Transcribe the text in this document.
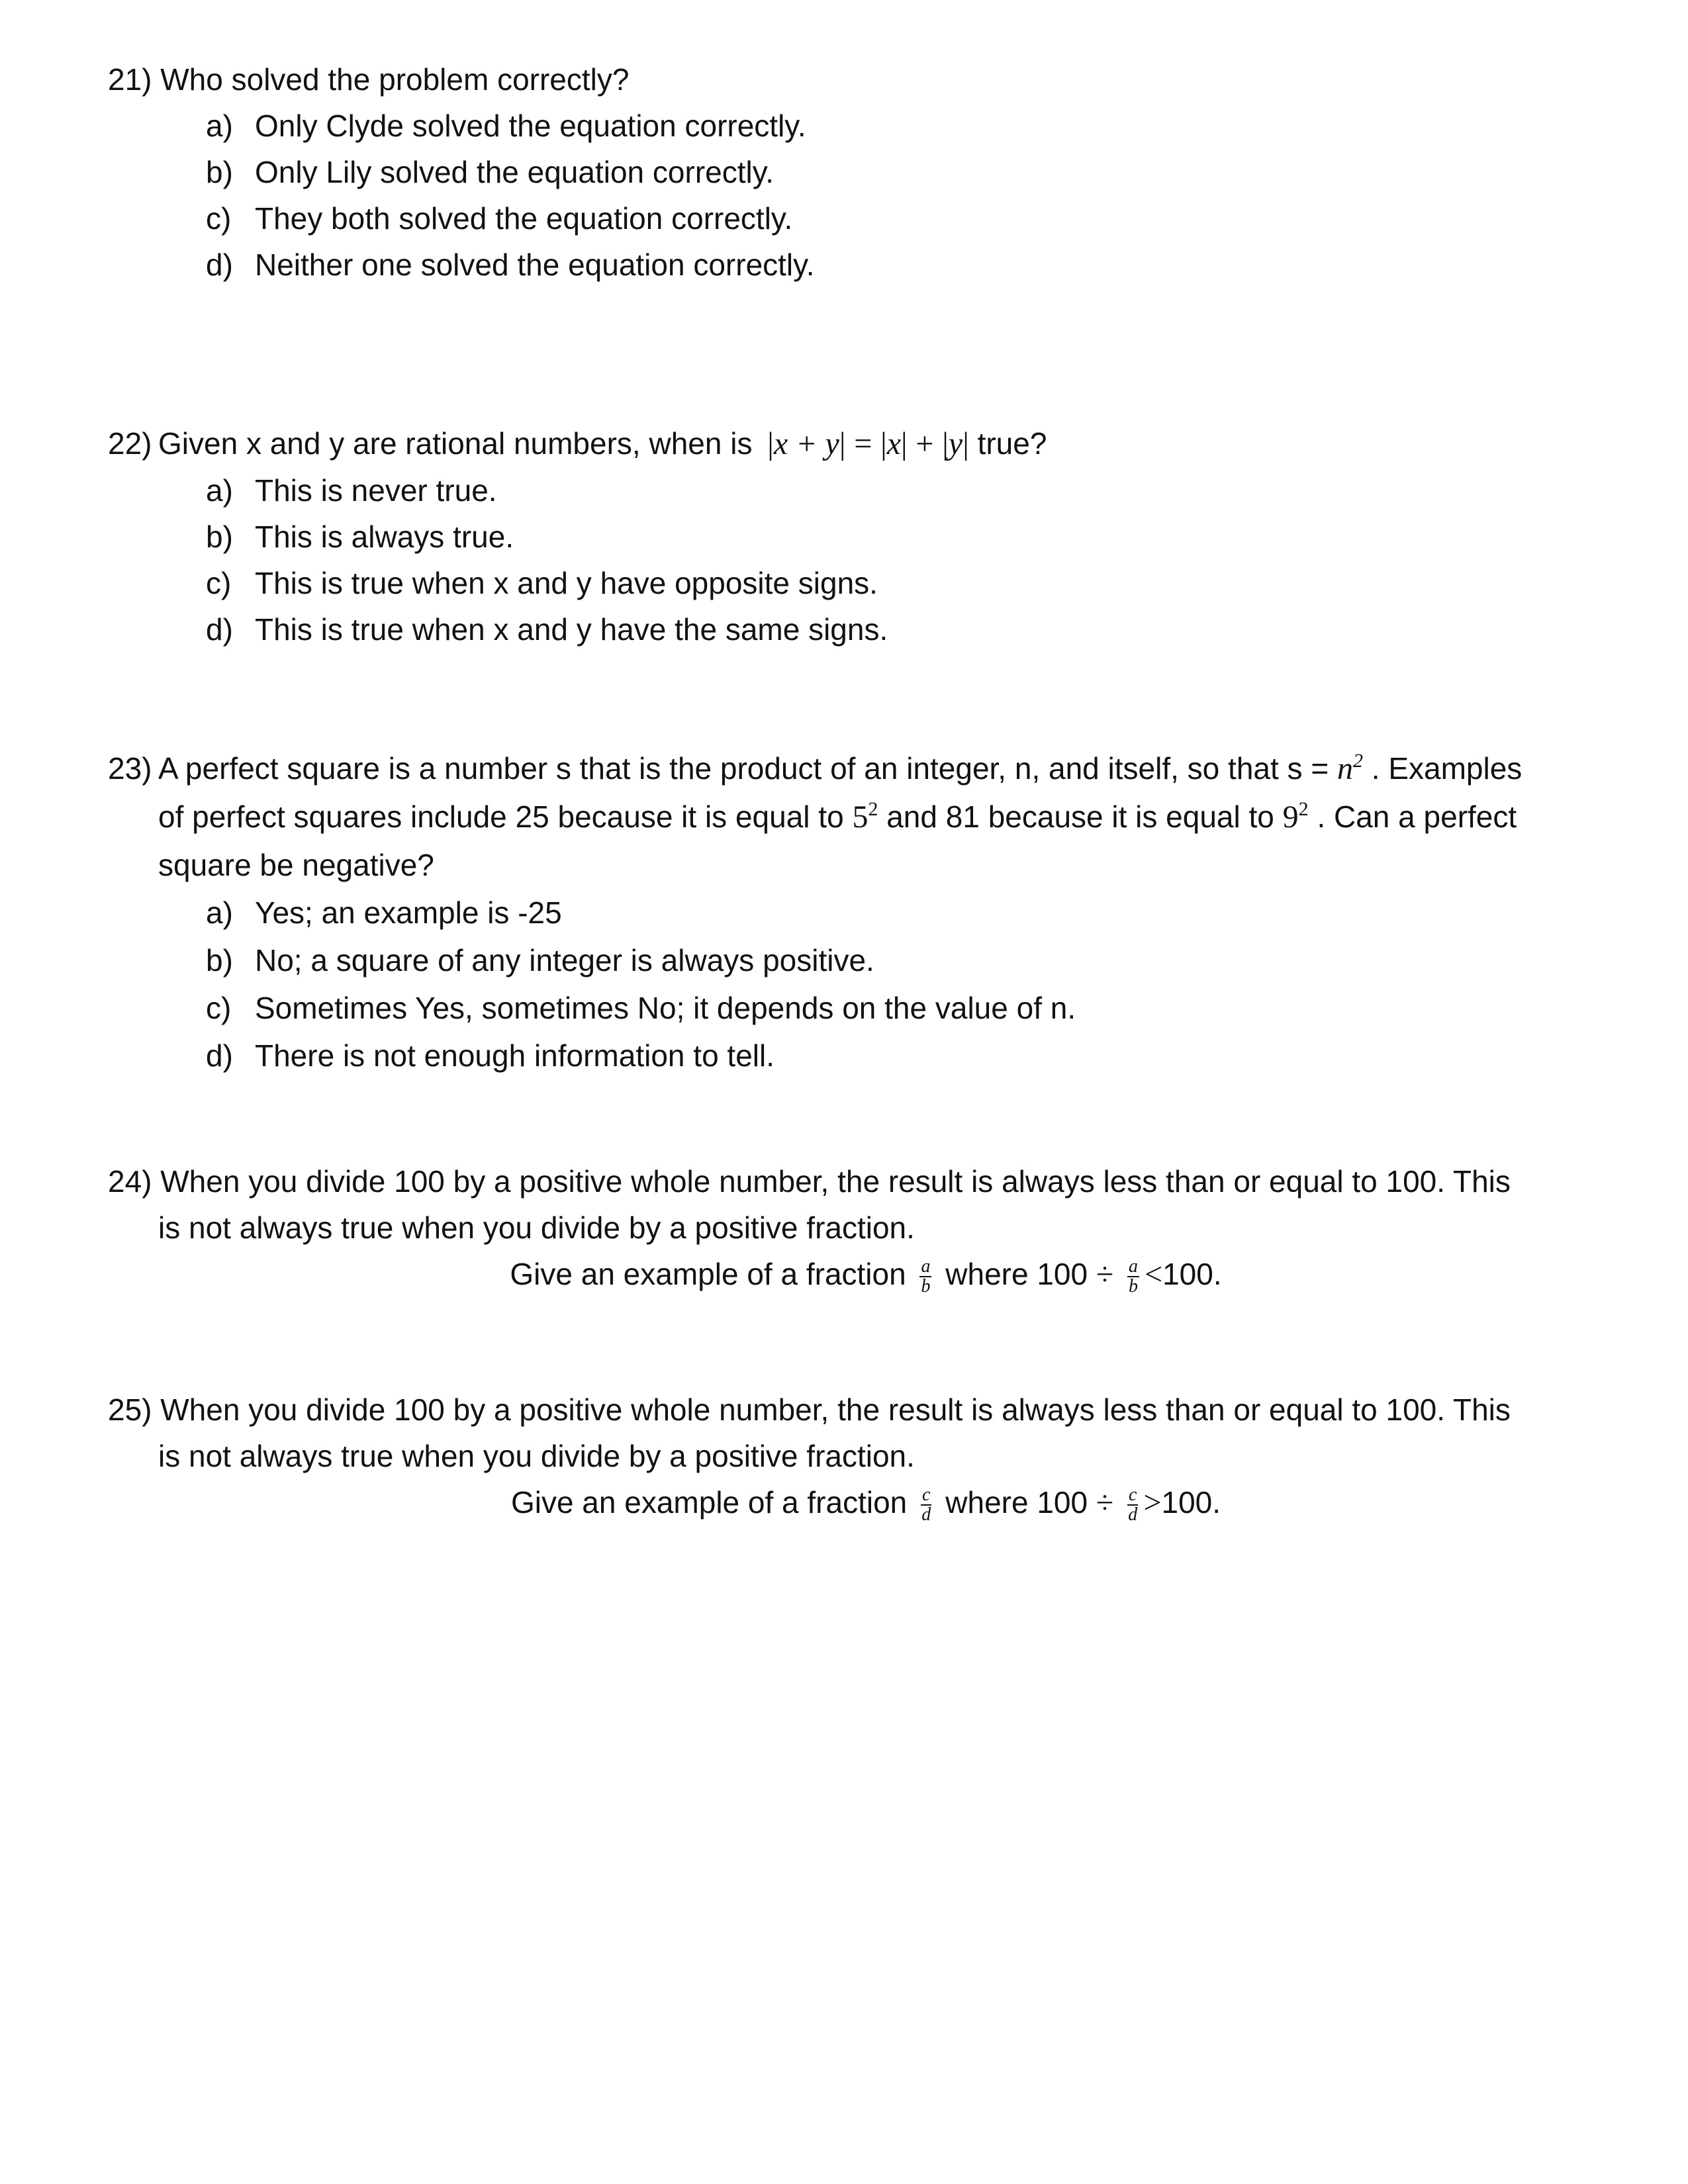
21) Who solved the problem correctly?
a) Only Clyde solved the equation correctly.
b) Only Lily solved the equation correctly.
c) They both solved the equation correctly.
d) Neither one solved the equation correctly.
22) Given x and y are rational numbers, when is |x + y| = |x| + |y| true?
a) This is never true.
b) This is always true.
c) This is true when x and y have opposite signs.
d) This is true when x and y have the same signs.
23) A perfect square is a number s that is the product of an integer, n, and itself, so that $s = n^2$ . Examples
of perfect squares include 25 because it is equal to $5^2$ and 81 because it is equal to $9^2$ . Can a perfect
square be negative?
a) Yes; an example is -25
b) No; a square of any integer is always positive.
c) Sometimes Yes, sometimes No; it depends on the value of n.
d) There is not enough information to tell.
24) When you divide 100 by a positive whole number, the result is always less than or equal to 100. This
is not always true when you divide by a positive fraction.
Give an example of a fraction $\frac{a}{b}$ where $100 \div \frac{a}{b} <100$.
25) When you divide 100 by a positive whole number, the result is always less than or equal to 100. This
is not always true when you divide by a positive fraction.
Give an example of a fraction $\frac{c}{d}$ where $100 \div \frac{c}{d} >100$.
